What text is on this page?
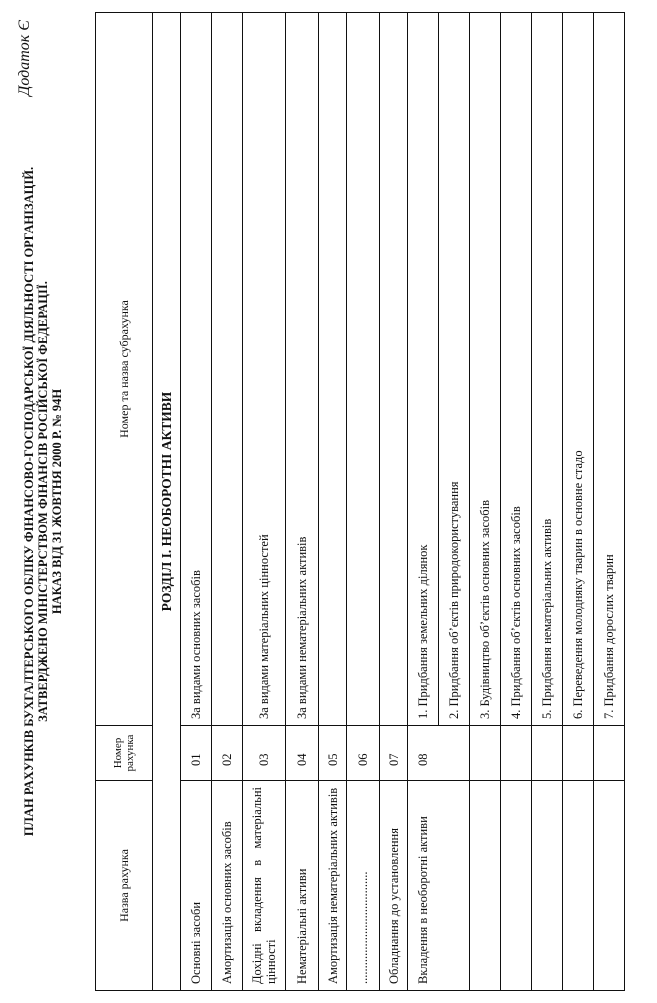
Додаток Є
ПЛАН РАХУНКІВ БУХГАЛТЕРСЬКОГО ОБЛІКУ ФІНАНСОВО-ГОСПОДАРСЬКОЇ ДІЯЛЬНОСТІ ОРГАНІЗАЦІЙ. ЗАТВЕРДЖЕНО МІНІСТЕРСТВОМ ФІНАНСІВ РОСІЙСЬКОЇ ФЕДЕРАЦІЇ. НАКАЗ ВІД 31 ЖОВТНЯ 2000 Р. № 94Н
Назва рахунка	Номер рахунка	Номер та назва субрахунка
РОЗДІЛ І. НЕОБОРОТНІ АКТИВИ		
Основні засоби	01	За видами основних засобів
Амортизація основних засобів	02	
Дохідні вкладення в матеріальні цінності	03	За видами матеріальних цінностей
Нематеріальні активи	04	За видами нематеріальних активів
Амортизація нематеріальних активів	05	
....................................	06	
Обладнання до установлення	07	
Вкладення в необоротні активи	08	1. Придбання земельних ділянок
		2. Придбання об’єктів природокористування
		3. Будівництво об’єктів основних засобів
		4. Придбання об’єктів основних засобів
		5. Придбання нематеріальних активів
		6. Переведення молодняку тварин в основне стадо
		7. Придбання дорослих тварин
